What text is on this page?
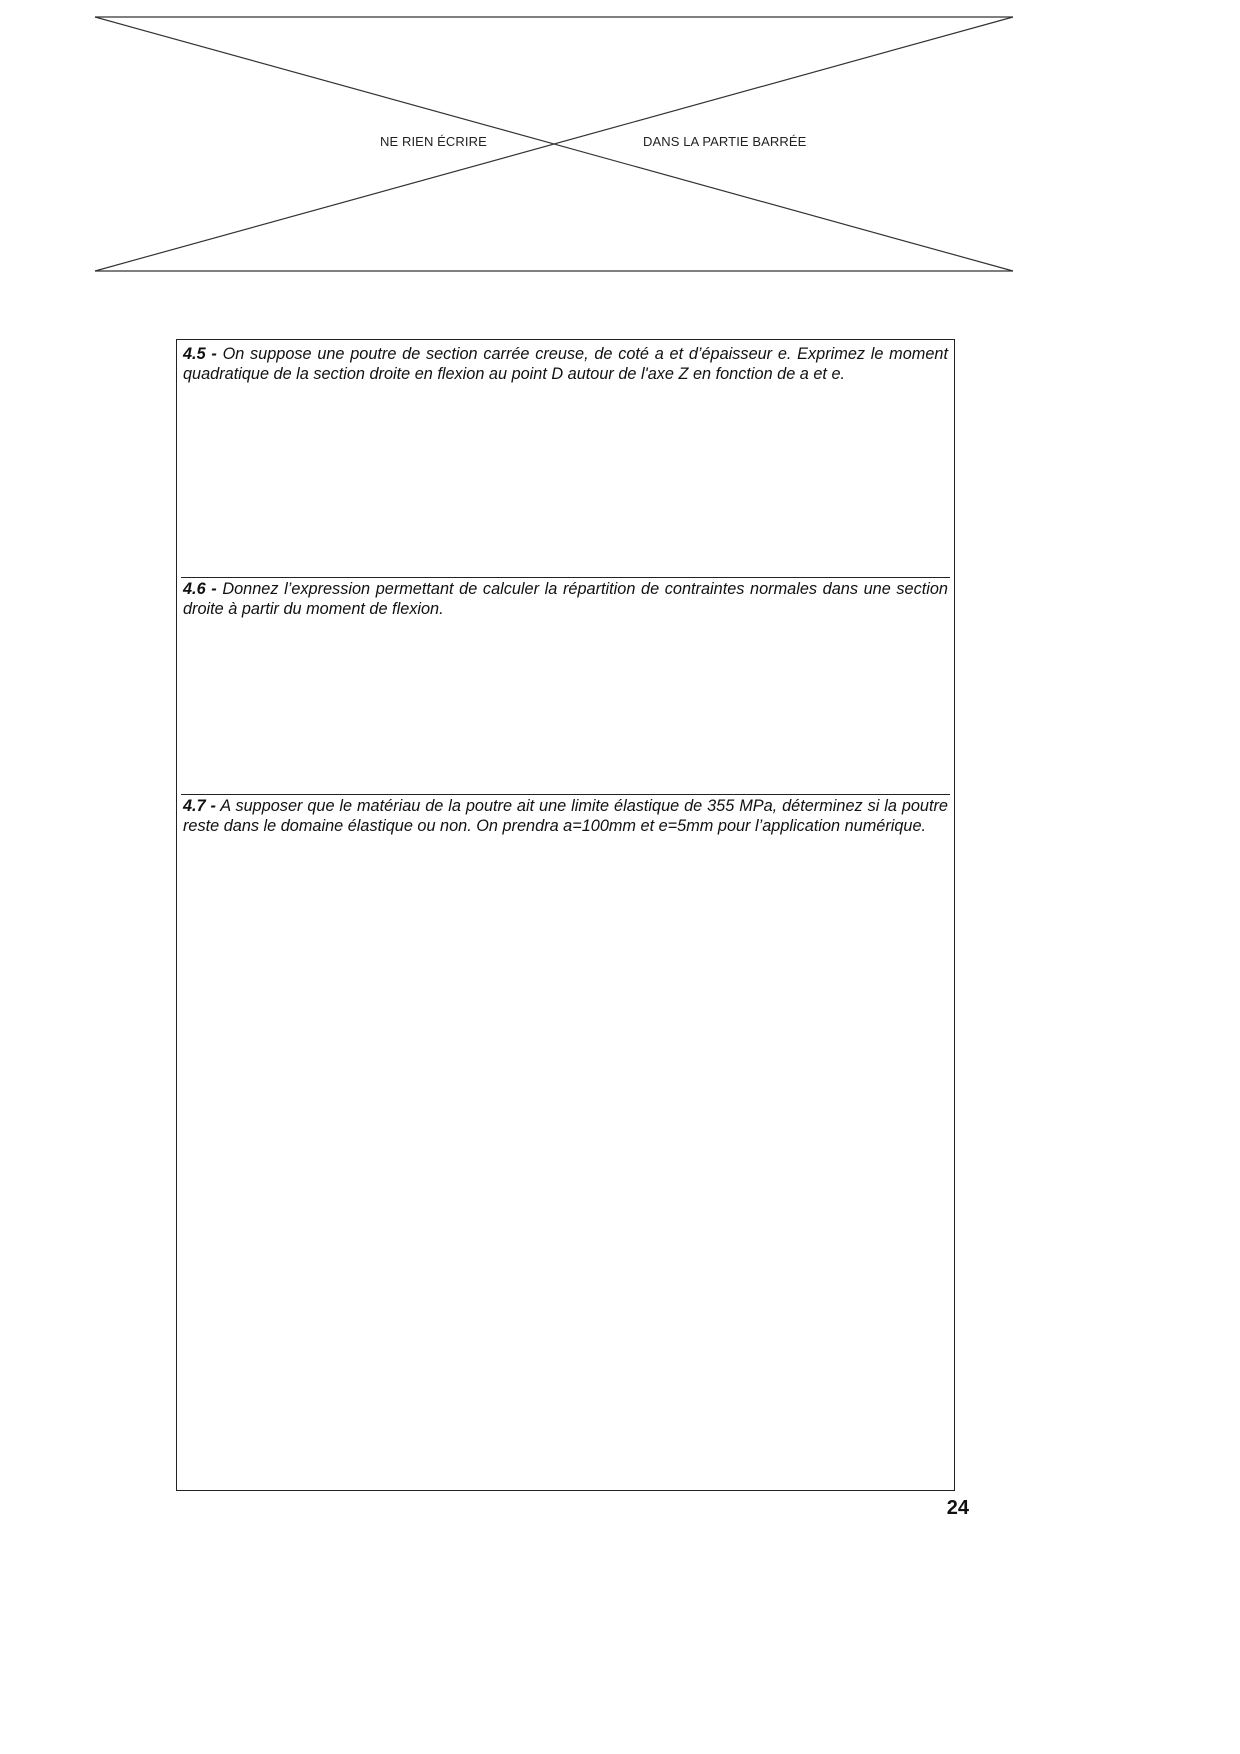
NE RIEN ÉCRIRE	DANS LA PARTIE BARRÉE

4.5 - On suppose une poutre de section carrée creuse, de coté a et d’épaisseur e. Exprimez le moment quadratique de la section droite en flexion au point D autour de l'axe Z en fonction de a et e.

4.6 - Donnez l’expression permettant de calculer la répartition de contraintes normales dans une section droite à partir du moment de flexion.

4.7 - A supposer que le matériau de la poutre ait une limite élastique de 355 MPa, déterminez si la poutre reste dans le domaine élastique ou non. On prendra a=100mm et e=5mm pour l’application numérique.

24
